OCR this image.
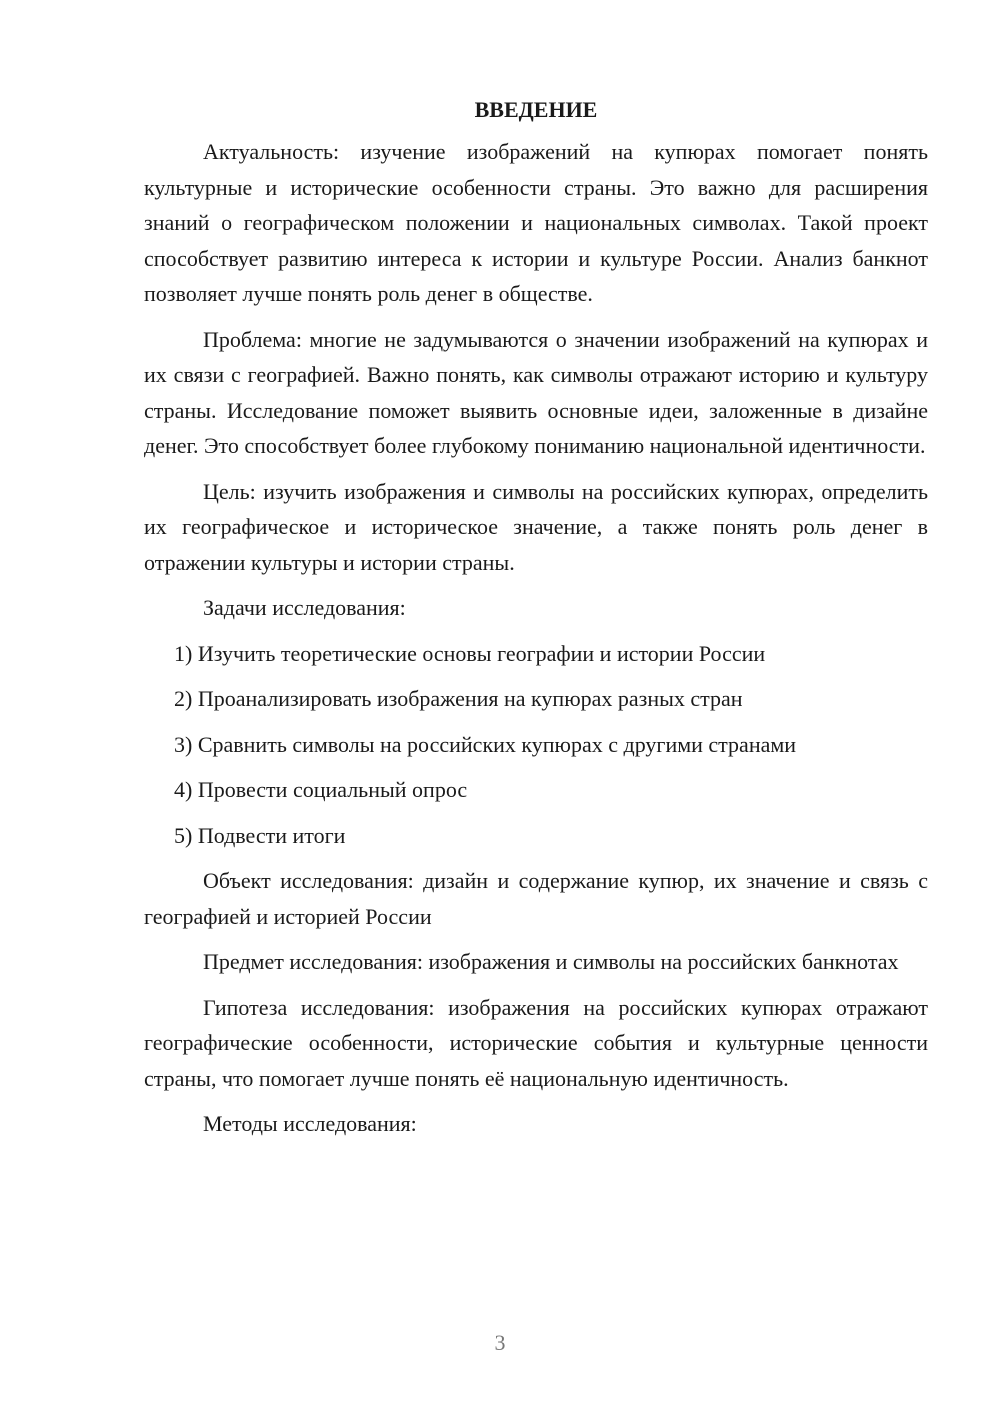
ВВЕДЕНИЕ

Актуальность: изучение изображений на купюрах помогает понять культурные и исторические особенности страны. Это важно для расширения знаний о географическом положении и национальных символах. Такой проект способствует развитию интереса к истории и культуре России. Анализ банкнот позволяет лучше понять роль денег в обществе.

Проблема: многие не задумываются о значении изображений на купюрах и их связи с географией. Важно понять, как символы отражают историю и культуру страны. Исследование поможет выявить основные идеи, заложенные в дизайне денег. Это способствует более глубокому пониманию национальной идентичности.

Цель: изучить изображения и символы на российских купюрах, определить их географическое и историческое значение, а также понять роль денег в отражении культуры и истории страны.

Задачи исследования:

1) Изучить теоретические основы географии и истории России
2) Проанализировать изображения на купюрах разных стран
3) Сравнить символы на российских купюрах с другими странами
4) Провести социальный опрос
5) Подвести итоги

Объект исследования: дизайн и содержание купюр, их значение и связь с географией и историей России

Предмет исследования: изображения и символы на российских банкнотах

Гипотеза исследования: изображения на российских купюрах отражают географические особенности, исторические события и культурные ценности страны, что помогает лучше понять её национальную идентичность.

Методы исследования:

3
